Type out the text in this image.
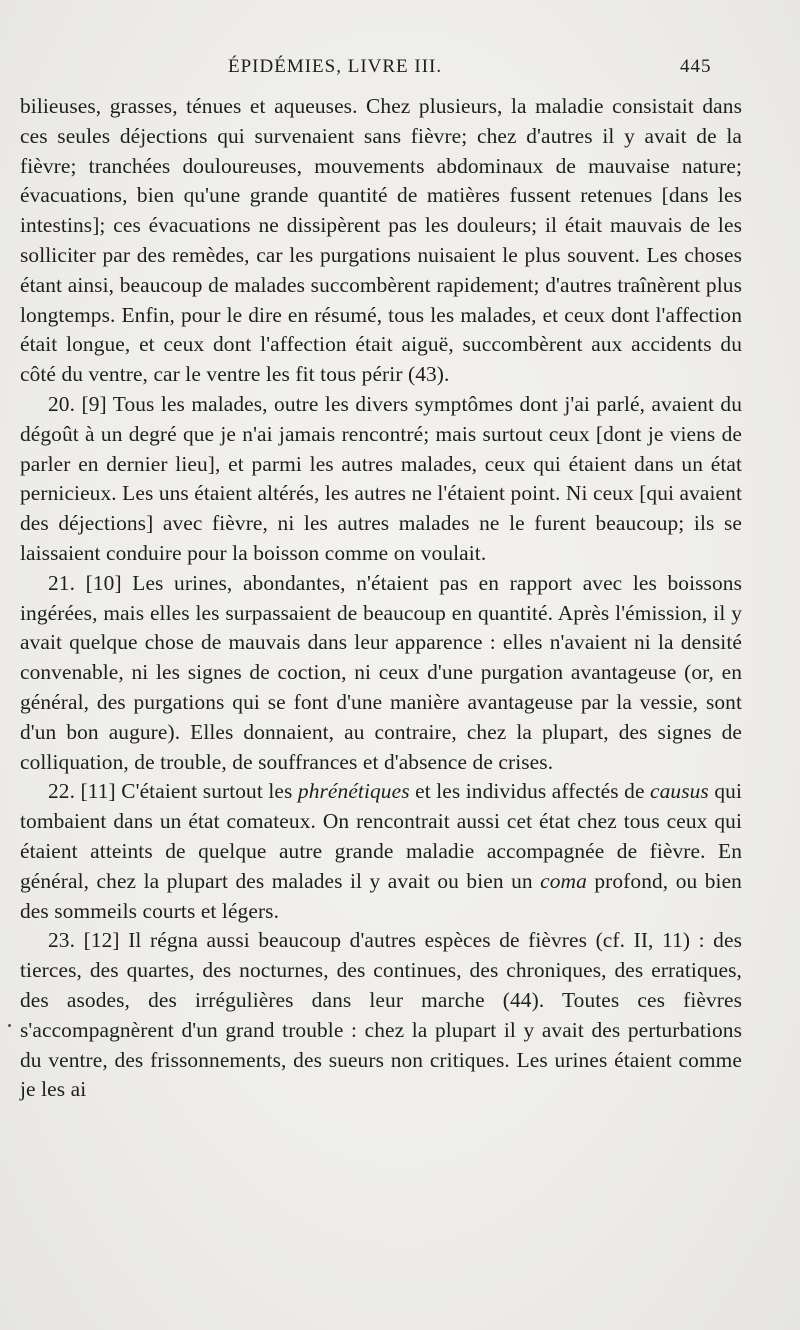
ÉPIDÉMIES, LIVRE III.	445

bilieuses, grasses, ténues et aqueuses. Chez plusieurs, la maladie consistait dans ces seules déjections qui survenaient sans fièvre; chez d'autres il y avait de la fièvre; tranchées douloureuses, mouvements abdominaux de mauvaise nature; évacuations, bien qu'une grande quantité de matières fussent retenues [dans les intestins]; ces évacuations ne dissipèrent pas les douleurs; il était mauvais de les solliciter par des remèdes, car les purgations nuisaient le plus souvent. Les choses étant ainsi, beaucoup de malades succombèrent rapidement; d'autres traînèrent plus longtemps. Enfin, pour le dire en résumé, tous les malades, et ceux dont l'affection était longue, et ceux dont l'affection était aiguë, succombèrent aux accidents du côté du ventre, car le ventre les fit tous périr (43).

20. [9] Tous les malades, outre les divers symptômes dont j'ai parlé, avaient du dégoût à un degré que je n'ai jamais rencontré; mais surtout ceux [dont je viens de parler en dernier lieu], et parmi les autres malades, ceux qui étaient dans un état pernicieux. Les uns étaient altérés, les autres ne l'étaient point. Ni ceux [qui avaient des déjections] avec fièvre, ni les autres malades ne le furent beaucoup; ils se laissaient conduire pour la boisson comme on voulait.

21. [10] Les urines, abondantes, n'étaient pas en rapport avec les boissons ingérées, mais elles les surpassaient de beaucoup en quantité. Après l'émission, il y avait quelque chose de mauvais dans leur apparence : elles n'avaient ni la densité convenable, ni les signes de coction, ni ceux d'une purgation avantageuse (or, en général, des purgations qui se font d'une manière avantageuse par la vessie, sont d'un bon augure). Elles donnaient, au contraire, chez la plupart, des signes de colliquation, de trouble, de souffrances et d'absence de crises.

22. [11] C'étaient surtout les phrénétiques et les individus affectés de causus qui tombaient dans un état comateux. On rencontrait aussi cet état chez tous ceux qui étaient atteints de quelque autre grande maladie accompagnée de fièvre. En général, chez la plupart des malades il y avait ou bien un coma profond, ou bien des sommeils courts et légers.

23. [12] Il régna aussi beaucoup d'autres espèces de fièvres (cf. II, 11) : des tierces, des quartes, des nocturnes, des continues, des chroniques, des erratiques, des asodes, des irrégulières dans leur marche (44). Toutes ces fièvres s'accompagnèrent d'un grand trouble : chez la plupart il y avait des perturbations du ventre, des frissonnements, des sueurs non critiques. Les urines étaient comme je les ai
